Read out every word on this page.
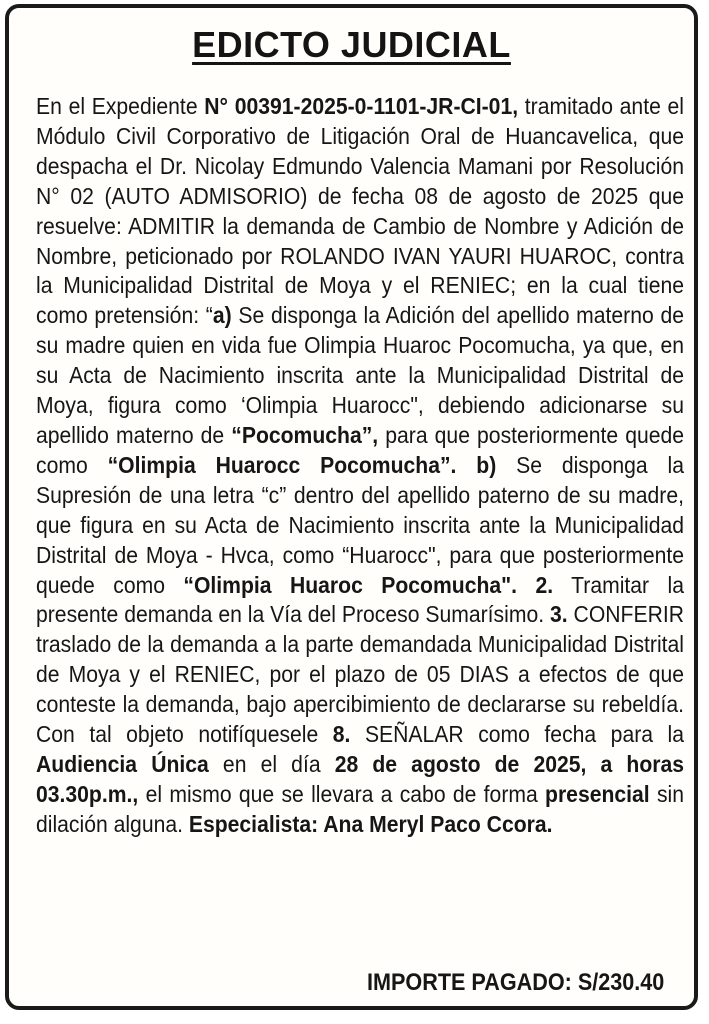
EDICTO JUDICIAL
En el Expediente N° 00391-2025-0-1101-JR-CI-01, tramitado ante el Módulo Civil Corporativo de Litigación Oral de Huancavelica, que despacha el Dr. Nicolay Edmundo Valencia Mamani por Resolución N° 02 (AUTO ADMISORIO) de fecha 08 de agosto de 2025 que resuelve: ADMITIR la demanda de Cambio de Nombre y Adición de Nombre, peticionado por ROLANDO IVAN YAURI HUAROC, contra la Municipalidad Distrital de Moya y el RENIEC; en la cual tiene como pretensión: “a) Se disponga la Adición del apellido materno de su madre quien en vida fue Olimpia Huaroc Pocomucha, ya que, en su Acta de Nacimiento inscrita ante la Municipalidad Distrital de Moya, figura como ‘Olimpia Huarocc", debiendo adicionarse su apellido materno de “Pocomucha”, para que posteriormente quede como “Olimpia Huarocc Pocomucha”. b) Se disponga la Supresión de una letra “c” dentro del apellido paterno de su madre, que figura en su Acta de Nacimiento inscrita ante la Municipalidad Distrital de Moya - Hvca, como “Huarocc", para que posteriormente quede como “Olimpia Huaroc Pocomucha". 2. Tramitar la presente demanda en la Vía del Proceso Sumarísimo. 3. CONFERIR traslado de la demanda a la parte demandada Municipalidad Distrital de Moya y el RENIEC, por el plazo de 05 DIAS a efectos de que conteste la demanda, bajo apercibimiento de declararse su rebeldía. Con tal objeto notifíquesele 8. SEÑALAR como fecha para la Audiencia Única en el día 28 de agosto de 2025, a horas 03.30p.m., el mismo que se llevara a cabo de forma presencial sin dilación alguna. Especialista: Ana Meryl Paco Ccora.
IMPORTE PAGADO: S/230.40
